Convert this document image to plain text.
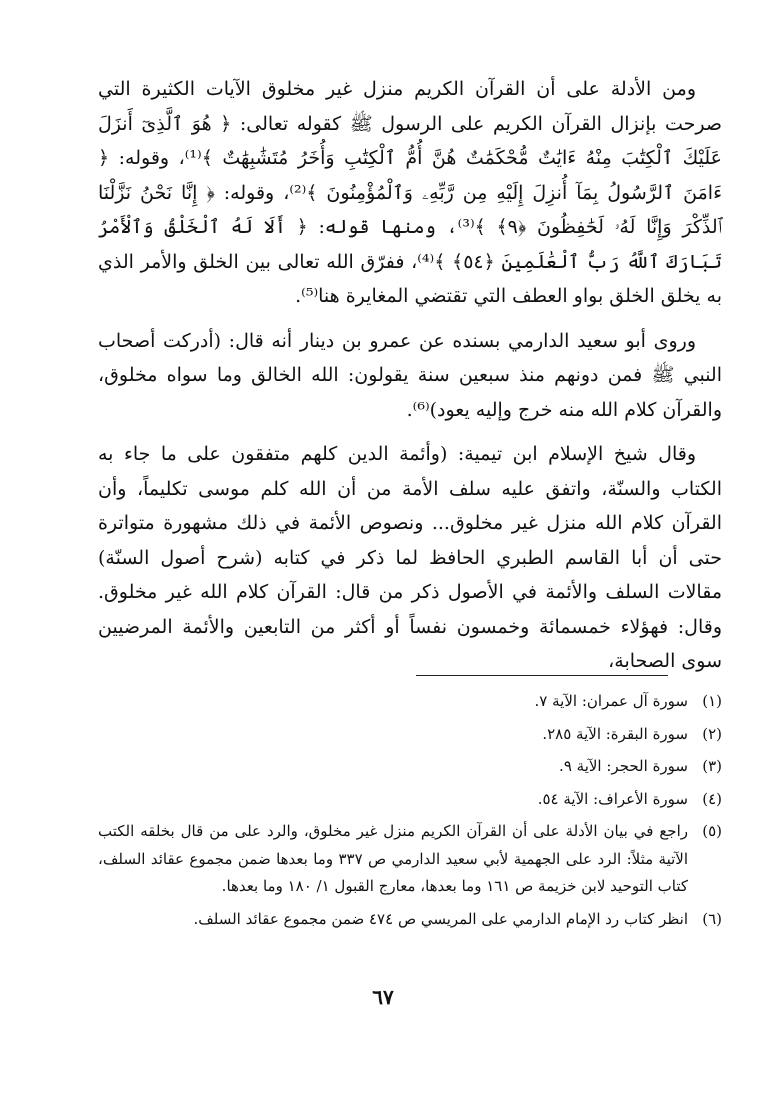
ومن الأدلة على أن القرآن الكريم منزل غير مخلوق الآيات الكثيرة التي صرحت بإنزال القرآن الكريم على الرسول ﷺ كقوله تعالى: ﴿ هُوَ ٱلَّذِىٓ أَنزَلَ عَلَيْكَ ٱلْكِتَٰبَ مِنْهُ ءَايَٰتٌ مُّحْكَمَٰتٌ هُنَّ أُمُّ ٱلْكِتَٰبِ وَأُخَرُ مُتَشَٰبِهَٰتٌ ﴾⁽¹⁾، وقوله: ﴿ ءَامَنَ ٱلرَّسُولُ بِمَآ أُنزِلَ إِلَيْهِ مِن رَّبِّهِۦ وَٱلْمُؤْمِنُونَ ﴾⁽²⁾، وقوله: ﴿ إِنَّا نَحْنُ نَزَّلْنَا ٱلذِّكْرَ وَإِنَّا لَهُۥ لَحَٰفِظُونَ ﴿٩﴾ ﴾⁽³⁾، ومنها قوله: ﴿ أَلَا لَهُ ٱلْخَلْقُ وَٱلْأَمْرُ تَبَارَكَ ٱللَّهُ رَبُّ ٱلْعَٰلَمِينَ ﴿٥٤﴾ ﴾⁽⁴⁾، ففرّق الله تعالى بين الخلق والأمر الذي به يخلق الخلق بواو العطف التي تقتضي المغايرة هنا⁽⁵⁾.

وروى أبو سعيد الدارمي بسنده عن عمرو بن دينار أنه قال: (أدركت أصحاب النبي ﷺ فمن دونهم منذ سبعين سنة يقولون: الله الخالق وما سواه مخلوق، والقرآن كلام الله منه خرج وإليه يعود)⁽⁶⁾.

وقال شيخ الإسلام ابن تيمية: (وأئمة الدين كلهم متفقون على ما جاء به الكتاب والسنّة، واتفق عليه سلف الأمة من أن الله كلم موسى تكليماً، وأن القرآن كلام الله منزل غير مخلوق... ونصوص الأئمة في ذلك مشهورة متواترة حتى أن أبا القاسم الطبري الحافظ لما ذكر في كتابه (شرح أصول السنّة) مقالات السلف والأئمة في الأصول ذكر من قال: القرآن كلام الله غير مخلوق. وقال: فهؤلاء خمسمائة وخمسون نفساً أو أكثر من التابعين والأئمة المرضيين سوى الصحابة،

(١)
سورة آل عمران: الآية ٧.
(٢)
سورة البقرة: الآية ٢٨٥.
(٣)
سورة الحجر: الآية ٩.
(٤)
سورة الأعراف: الآية ٥٤.
(٥)
راجع في بيان الأدلة على أن القرآن الكريم منزل غير مخلوق، والرد على من قال بخلقه الكتب الآتية مثلاً: الرد على الجهمية لأبي سعيد الدارمي ص ٣٣٧ وما بعدها ضمن مجموع عقائد السلف، كتاب التوحيد لابن خزيمة ص ١٦١ وما بعدها، معارج القبول ١/ ١٨٠ وما بعدها.
(٦)
انظر كتاب رد الإمام الدارمي على المريسي ص ٤٧٤ ضمن مجموع عقائد السلف.
٦٧
